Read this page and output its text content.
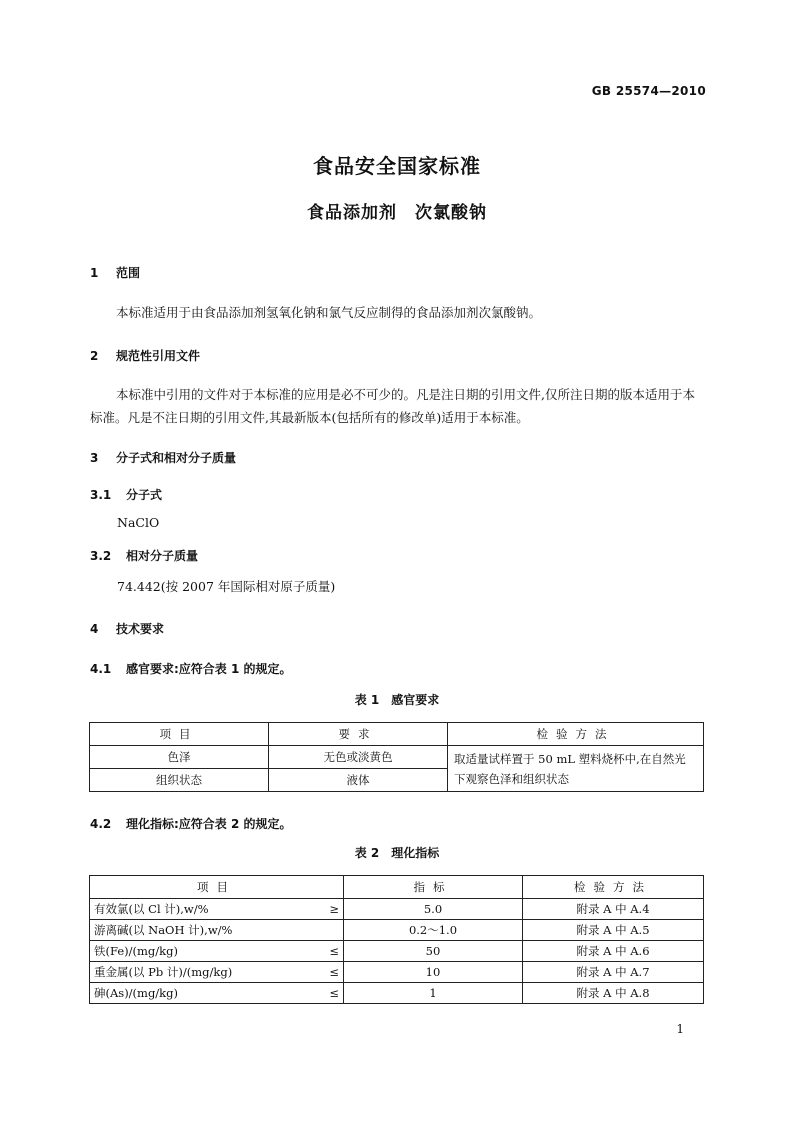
GB 25574—2010
食品安全国家标准
食品添加剂　次氯酸钠
1 范围
本标准适用于由食品添加剂氢氧化钠和氯气反应制得的食品添加剂次氯酸钠。
2 规范性引用文件
本标准中引用的文件对于本标准的应用是必不可少的。凡是注日期的引用文件,仅所注日期的版本适用于本标准。凡是不注日期的引用文件,其最新版本(包括所有的修改单)适用于本标准。
3 分子式和相对分子质量
3.1 分子式
NaClO
3.2 相对分子质量
74.442(按 2007 年国际相对原子质量)
4 技术要求
4.1 感官要求:应符合表 1 的规定。
表 1　感官要求
项目	要求	检验方法
色泽	无色或淡黄色	取适量试样置于 50 mL 塑料烧杯中,在自然光下观察色泽和组织状态
组织状态	液体	
4.2 理化指标:应符合表 2 的规定。
表 2　理化指标
项目	指标	检验方法

有效氯(以 Cl 计),w/% ≥	5.0	附录 A 中 A.4

游离碱(以 NaOH 计),w/%	0.2～1.0	附录 A 中 A.5

铁(Fe)/(mg/kg) ≤	50	附录 A 中 A.6

重金属(以 Pb 计)/(mg/kg) ≤	10	附录 A 中 A.7

砷(As)/(mg/kg) ≤	1	附录 A 中 A.8
1
